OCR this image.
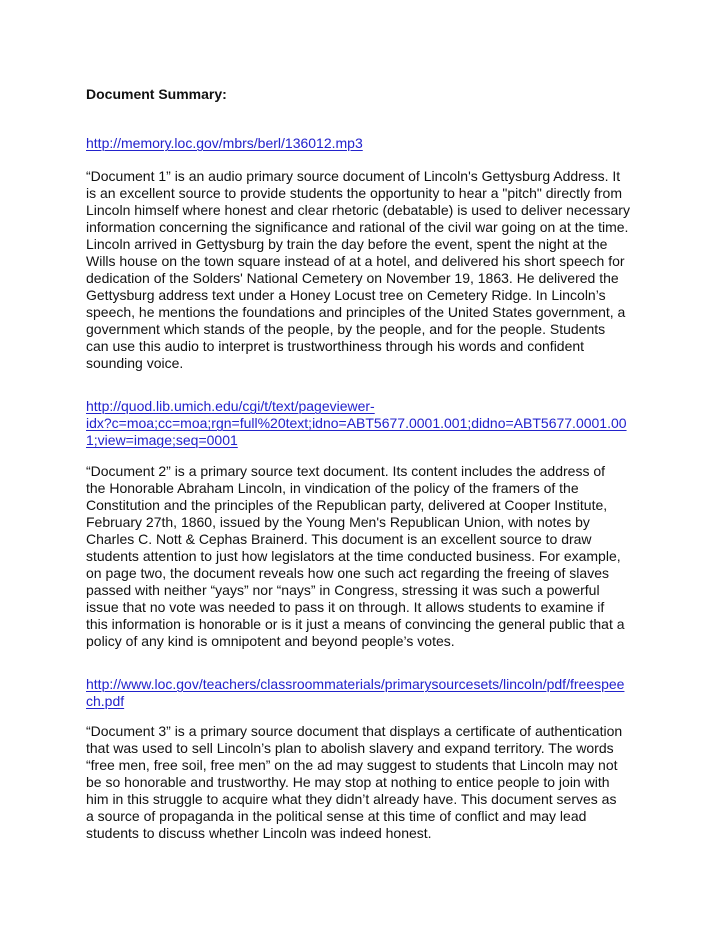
Document Summary:
http://memory.loc.gov/mbrs/berl/136012.mp3

“Document 1” is an audio primary source document of Lincoln's Gettysburg Address. It
is an excellent source to provide students the opportunity to hear a "pitch" directly from
Lincoln himself where honest and clear rhetoric (debatable) is used to deliver necessary
information concerning the significance and rational of the civil war going on at the time.
Lincoln arrived in Gettysburg by train the day before the event, spent the night at the
Wills house on the town square instead of at a hotel, and delivered his short speech for
dedication of the Solders' National Cemetery on November 19, 1863. He delivered the
Gettysburg address text under a Honey Locust tree on Cemetery Ridge. In Lincoln’s
speech, he mentions the foundations and principles of the United States government, a
government which stands of the people, by the people, and for the people. Students
can use this audio to interpret is trustworthiness through his words and confident
sounding voice.

http://quod.lib.umich.edu/cgi/t/text/pageviewer-
idx?c=moa;cc=moa;rgn=full%20text;idno=ABT5677.0001.001;didno=ABT5677.0001.00
1;view=image;seq=0001

“Document 2” is a primary source text document. Its content includes the address of
the Honorable Abraham Lincoln, in vindication of the policy of the framers of the
Constitution and the principles of the Republican party, delivered at Cooper Institute,
February 27th, 1860, issued by the Young Men's Republican Union, with notes by
Charles C. Nott & Cephas Brainerd. This document is an excellent source to draw
students attention to just how legislators at the time conducted business. For example,
on page two, the document reveals how one such act regarding the freeing of slaves
passed with neither “yays” nor “nays” in Congress, stressing it was such a powerful
issue that no vote was needed to pass it on through. It allows students to examine if
this information is honorable or is it just a means of convincing the general public that a
policy of any kind is omnipotent and beyond people’s votes.

http://www.loc.gov/teachers/classroommaterials/primarysourcesets/lincoln/pdf/freespee
ch.pdf

“Document 3” is a primary source document that displays a certificate of authentication
that was used to sell Lincoln’s plan to abolish slavery and expand territory. The words
“free men, free soil, free men” on the ad may suggest to students that Lincoln may not
be so honorable and trustworthy. He may stop at nothing to entice people to join with
him in this struggle to acquire what they didn’t already have. This document serves as
a source of propaganda in the political sense at this time of conflict and may lead
students to discuss whether Lincoln was indeed honest.
